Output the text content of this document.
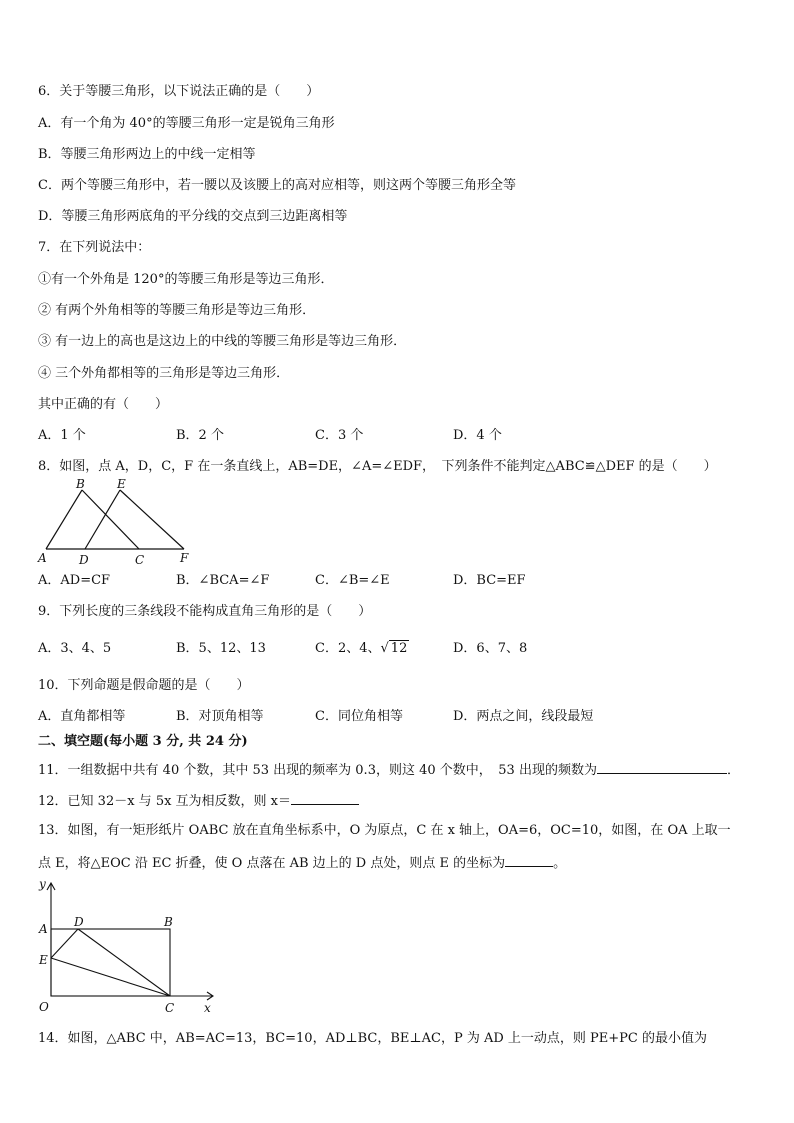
6．关于等腰三角形，以下说法正确的是（　　）
A．有一个角为 40°的等腰三角形一定是锐角三角形
B．等腰三角形两边上的中线一定相等
C．两个等腰三角形中，若一腰以及该腰上的高对应相等，则这两个等腰三角形全等
D．等腰三角形两底角的平分线的交点到三边距离相等
7．在下列说法中：
①有一个外角是 120°的等腰三角形是等边三角形．
② 有两个外角相等的等腰三角形是等边三角形．
③ 有一边上的高也是这边上的中线的等腰三角形是等边三角形．
④ 三个外角都相等的三角形是等边三角形．
其中正确的有（　　）
A．1 个	B．2 个	C．3 个	D．4 个
8．如图，点 A，D，C，F 在一条直线上，AB=DE，∠A=∠EDF，　下列条件不能判定△ABC≌△DEF 的是（　　）
B	E
A	D	C	F
A．AD=CF	B．∠BCA=∠F	C．∠B=∠E	D．BC=EF
9．下列长度的三条线段不能构成直角三角形的是（　　）
A．3、4、5	B．5、12、13	C．2、4、√ 12	D．6、7、8
10．下列命题是假命题的是（　　）
A．直角都相等	B．对顶角相等	C．同位角相等	D．两点之间，线段最短
二、填空题(每小题 3 分, 共 24 分)
11．一组数据中共有 40 个数，其中 53 出现的频率为 0.3，则这 40 个数中，　53 出现的频数为	．
12．已知 32－x 与 5x 互为相反数，则 x＝
13．如图，有一矩形纸片 OABC 放在直角坐标系中，O 为原点，C 在 x 轴上，OA=6，OC=10，如图，在 OA 上取一
点 E，将△EOC 沿 EC 折叠，使 O 点落在 AB 边上的 D 点处，则点 E 的坐标为	。
y
x
A D	B
E
O	C
14．如图，△ABC 中，AB=AC=13，BC=10，AD⊥BC，BE⊥AC，P 为 AD 上一动点，则 PE+PC 的最小值为
